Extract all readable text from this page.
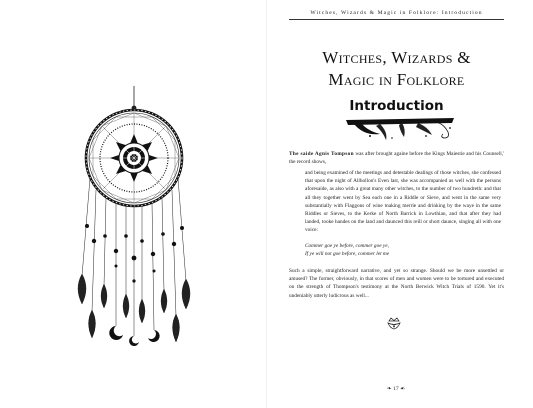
Witches, Wizards & Magic in Folklore: Introduction
Witches, Wizards &
Magic in Folklore
Introduction

The saide Agnis Tompson was after brought againe before the Kings Maiestie and his Counsell,' the record shows,

and being examined of the meetings and detestable dealings of those witches, she confessed that upon the night of Allhollon's Even last, she was accompanied as well with the persons aforesaide, as also with a great many other witches, to the number of two hundreth: and that all they together went by Sea each one in a Riddle or Sieve, and went in the same very substantially with Flaggons of wine making merrie and drinking by the waye in the same Riddles or Sieves, to the Kerke of North Barrick in Lowthian, and that after they had landed, tooke handes on the land and daunced this reill or short daunce, singing all with one voice:

Commer goe ye before, commer goe ye,
If ye will not goe before, commer let me

Such a simple, straightforward narrative, and yet so strange. Should we be more unsettled or amused? The former, obviously, in that scores of men and women were to be tortured and executed on the strength of Thompson's testimony at the North Berwick Witch Trials of 1590. Yet it's undeniably utterly ludicrous as well...

❧ 17 ☙
